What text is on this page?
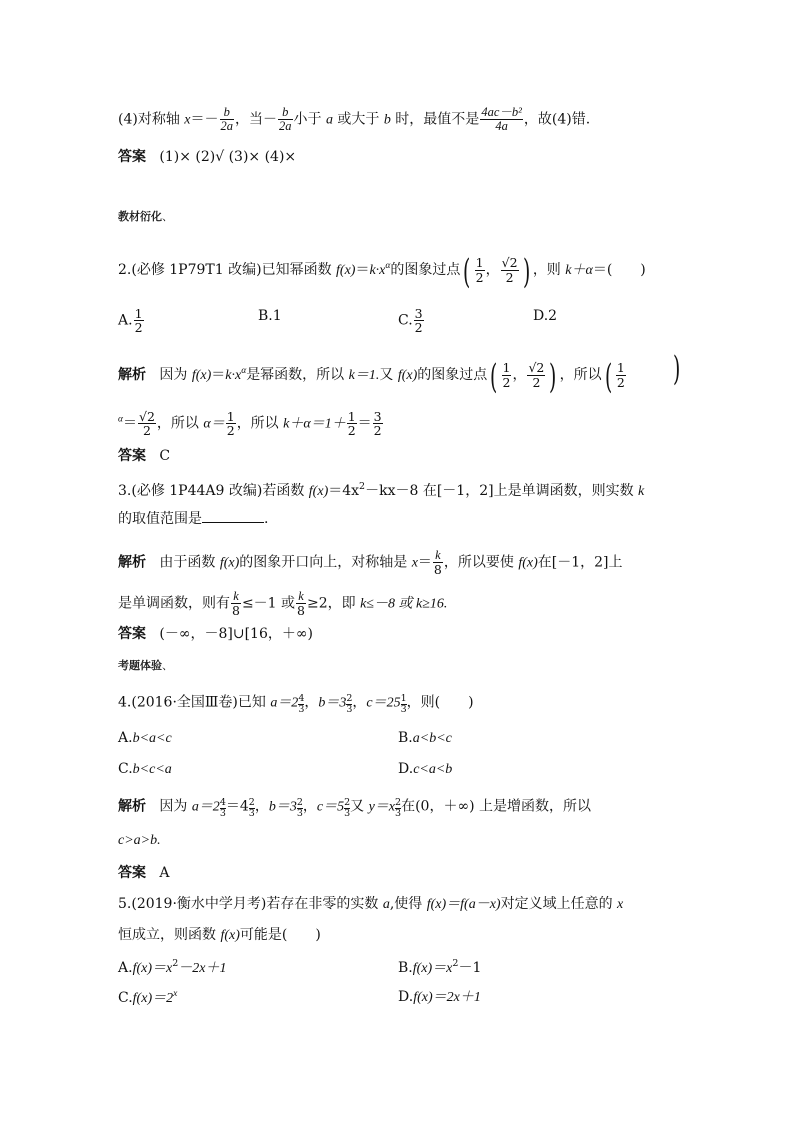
(4)对称轴 $x=- \frac{b}{2a}$ ，当－ $\frac{b}{2a}$ 小于 a 或大于 b 时，最值不是 $\frac{\text{4ac－b²}}{4a}$ ，故(4)错.
答案 (1)× (2)√ (3)× (4)×
教材衍化、
2.(必修 1P79T1 改编)已知幂函数 $f(x)=k\cdot x^\alpha$的图象过点( $\frac{1}{2}$ ， $\frac{√2}{2}$ ) ，则 k＋α＝(　　)
A. $\frac{1}{2}$	B.1	C. $\frac{3}{2}$	D.2
解析 因为 $f(x)=k\cdot x^\alpha$是幂函数，所以 k＝1.又 f(x)的图象过点( $\frac{1}{2}$ ， $\frac{√2}{2}$ ) ，所以( $\frac{1}{2}$ )
$^\alpha= \frac{√2}{2}$ ，所以 $\alpha= \frac{1}{2}$ ，所以 $k+\alpha=1+ \frac{1}{2} = \frac{3}{2}$
答案 C
3.(必修 1P44A9 改编)若函数 $f(x)=4x^2-kx-8$ 在[－1，2]上是单调函数，则实数 k
的取值范围是	.
解析 由于函数 f(x)的图象开口向上，对称轴是 $x= \frac{k}{8}$ ，所以要使 f(x)在[－1，2]上
是单调函数，则有 $\frac{k}{8} \le-1$ 或 $\frac{k}{8} \ge 2$，即 k≤－8 或 k≥16.
答案 (－∞，－8]∪[16，＋∞)
考题体验、
4.(2016·全国Ⅲ卷)已知 $a=2 \frac{4}{3}$ ，$b=3 \frac{2}{3}$ ，$c=25 \frac{1}{3}$ ，则(　　)
A.b<a<c	B.a<b<c
C.b<c<a	D.c<a<b
解析 因为 $a=2 \frac{4}{3} =4 \frac{2}{3}$ ，$b=3 \frac{2}{3}$ ，$c=5 \frac{2}{3}$ 又 $y=x \frac{2}{3}$ 在(0，＋∞) 上是增函数，所以
c>a>b.
答案 A
5.(2019·衡水中学月考)若存在非零的实数 a,使得 f(x)＝f(a－x)对定义域上任意的 x
恒成立，则函数 f(x)可能是(　　)
$A.f(x)=x^2-2x+1$	$B.f(x)=x^2-1$
$C.f(x)=2^x$	D.f(x)＝2x＋1
